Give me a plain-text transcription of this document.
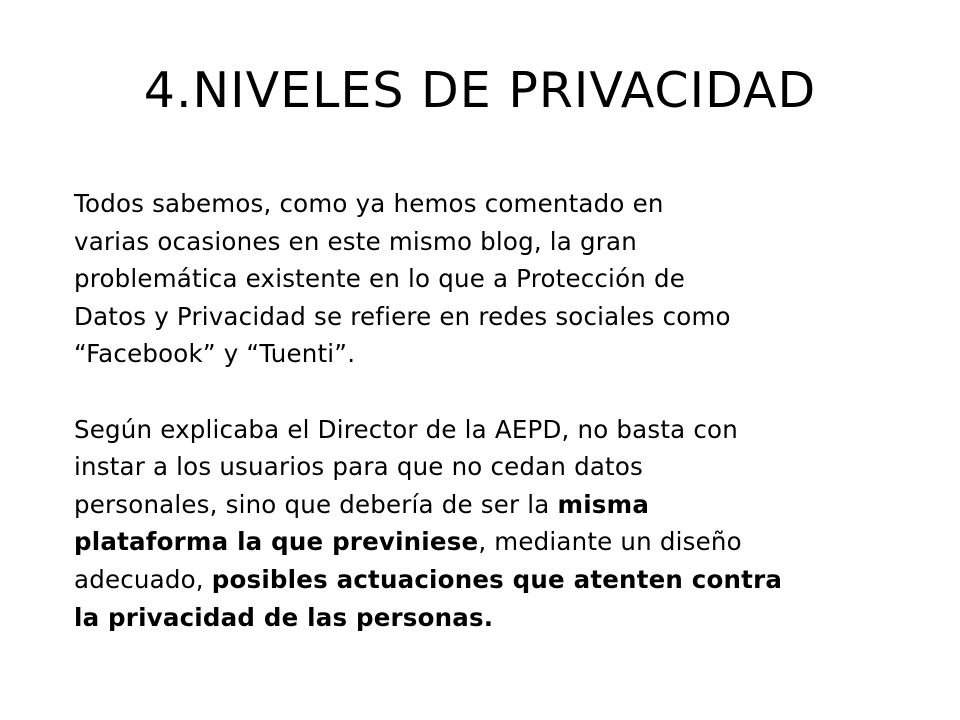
4.NIVELES DE PRIVACIDAD

Todos sabemos, como ya hemos comentado en
varias ocasiones en este mismo blog, la gran
problemática existente en lo que a Protección de
Datos y Privacidad se refiere en redes sociales como
“Facebook” y “Tuenti”.

Según explicaba el Director de la AEPD, no basta con
instar a los usuarios para que no cedan datos
personales, sino que debería de ser la misma
plataforma la que previniese, mediante un diseño
adecuado, posibles actuaciones que atenten contra
la privacidad de las personas.
